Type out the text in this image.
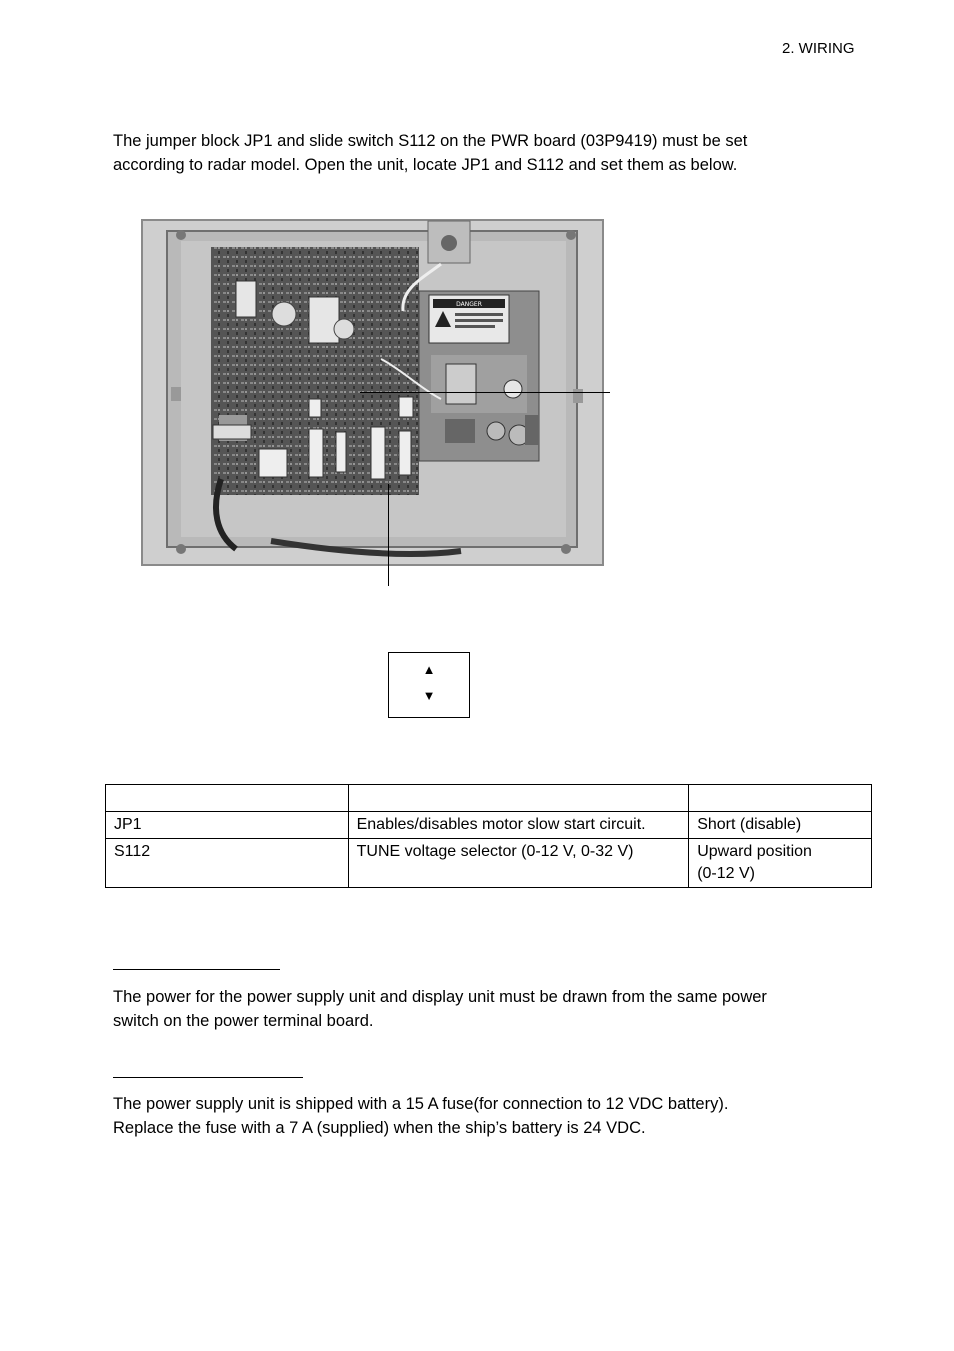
2. WIRING
The jumper block JP1 and slide switch S112 on the PWR board (03P9419) must be set
according to radar model. Open the unit, locate JP1 and S112 and set them as below.
DANGER
▲
▼

JP1	Enables/disables motor slow start circuit.	Short (disable)
S112	TUNE voltage selector (0-12 V, 0-32 V)	Upward position
(0-12 V)
The power for the power supply unit and display unit must be drawn from the same power
switch on the power terminal board.
The power supply unit is shipped with a 15 A fuse(for connection to 12 VDC battery).
Replace the fuse with a 7 A (supplied) when the ship’s battery is 24 VDC.
